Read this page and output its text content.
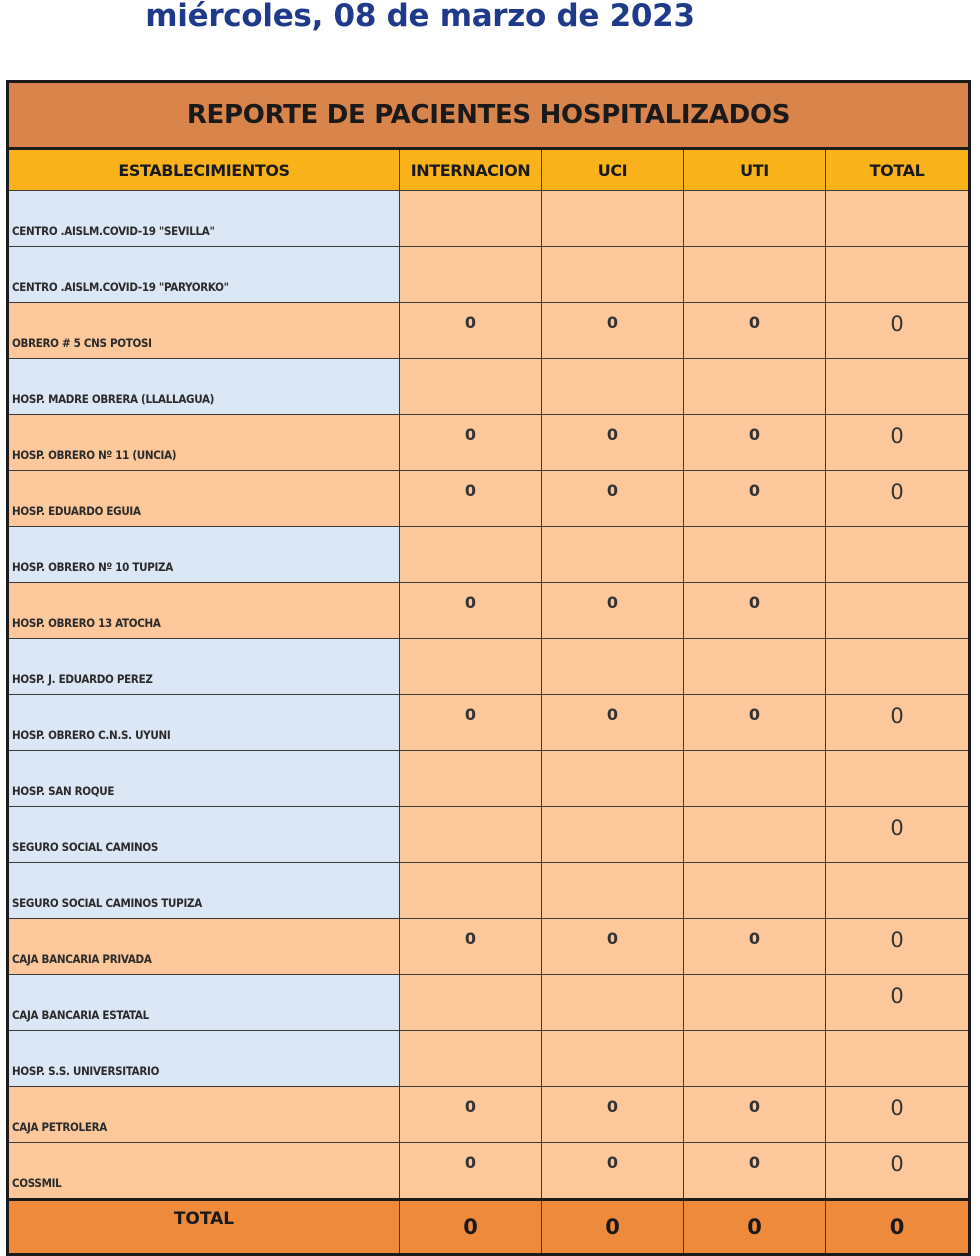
miércoles, 08 de marzo de 2023
REPORTE DE PACIENTES HOSPITALIZADOS				
ESTABLECIMIENTOS	INTERNACION	UCI	UTI	TOTAL
CENTRO .AISLM.COVID-19 "SEVILLA"				
CENTRO .AISLM.COVID-19 "PARYORKO"				
OBRERO # 5 CNS POTOSI	0	0	0	0
HOSP. MADRE OBRERA (LLALLAGUA)				
HOSP. OBRERO Nº 11 (UNCIA)	0	0	0	0
HOSP. EDUARDO EGUIA	0	0	0	0
HOSP. OBRERO Nº 10 TUPIZA				
HOSP. OBRERO 13 ATOCHA	0	0	0	
HOSP. J. EDUARDO PEREZ				
HOSP. OBRERO C.N.S. UYUNI	0	0	0	0
HOSP. SAN ROQUE				
SEGURO SOCIAL CAMINOS				0
SEGURO SOCIAL CAMINOS TUPIZA				
CAJA BANCARIA PRIVADA	0	0	0	0
CAJA BANCARIA ESTATAL				0
HOSP. S.S. UNIVERSITARIO				
CAJA PETROLERA	0	0	0	0
COSSMIL	0	0	0	0
TOTAL	0	0	0	0
